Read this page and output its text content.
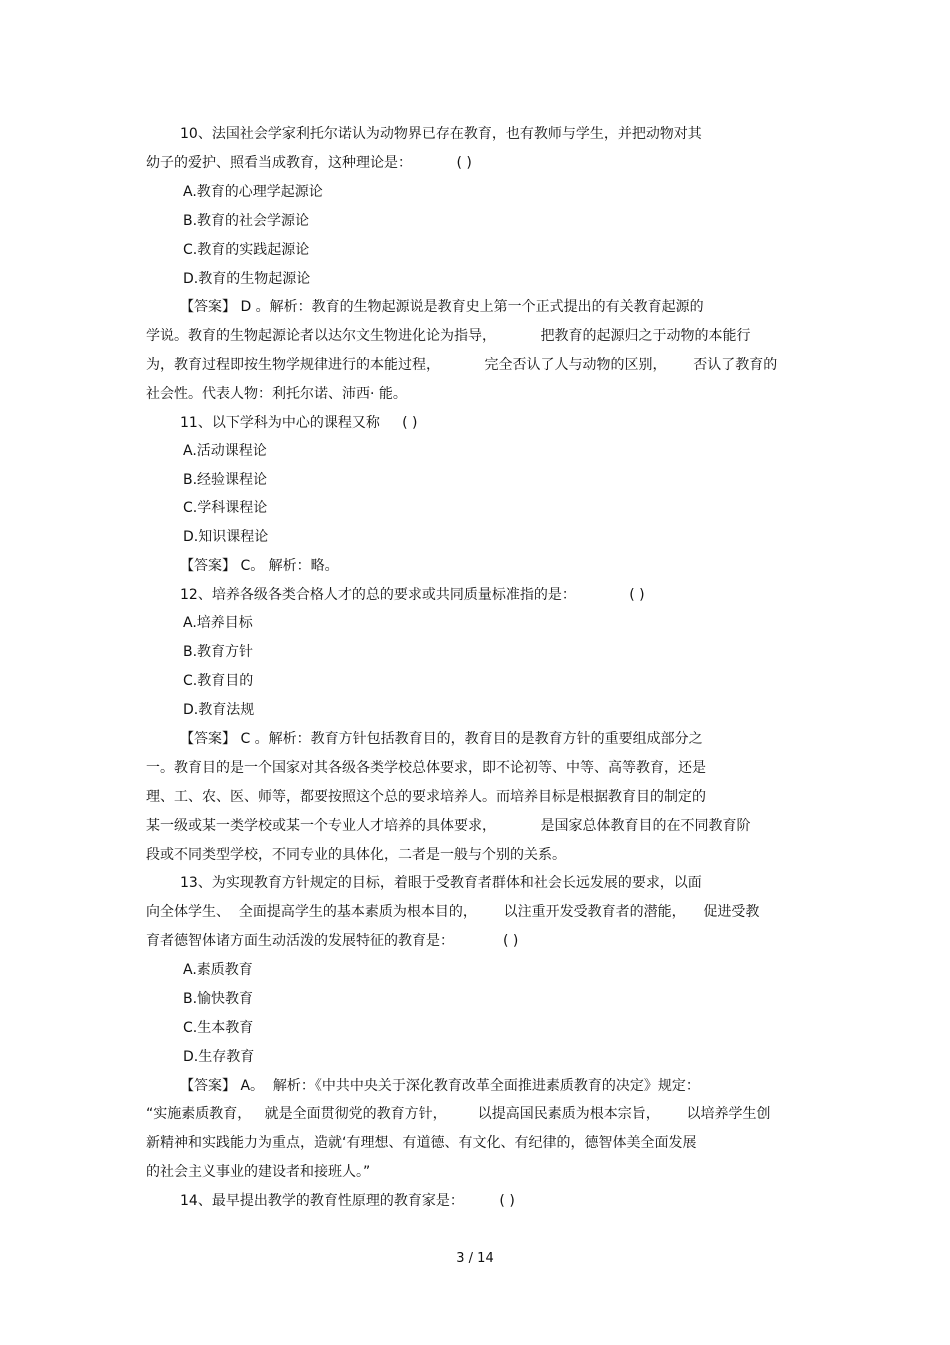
10、法国社会学家利托尔诺认为动物界已存在教育，也有教师与学生，并把动物对其
幼子的爱护、照看当成教育，这种理论是：          ( )
A.教育的心理学起源论
B.教育的社会学源论
C.教育的实践起源论
D.教育的生物起源论
【答案】 D 。解析：教育的生物起源说是教育史上第一个正式提出的有关教育起源的
学说。教育的生物起源论者以达尔文生物进化论为指导，          把教育的起源归之于动物的本能行
为，教育过程即按生物学规律进行的本能过程，          完全否认了人与动物的区别，      否认了教育的
社会性。代表人物：利托尔诺、沛西· 能。
11、以下学科为中心的课程又称     ( )
A.活动课程论
B.经验课程论
C.学科课程论
D.知识课程论
【答案】 C。 解析：略。
12、培养各级各类合格人才的总的要求或共同质量标准指的是：            ( )
A.培养目标
B.教育方针
C.教育目的
D.教育法规
【答案】 C 。解析：教育方针包括教育目的，教育目的是教育方针的重要组成部分之
一。教育目的是一个国家对其各级各类学校总体要求，即不论初等、中等、高等教育，还是
理、工、农、医、师等，都要按照这个总的要求培养人。而培养目标是根据教育目的制定的
某一级或某一类学校或某一个专业人才培养的具体要求，          是国家总体教育目的在不同教育阶
段或不同类型学校，不同专业的具体化，二者是一般与个别的关系。
13、为实现教育方针规定的目标，着眼于受教育者群体和社会长远发展的要求，以面
向全体学生、  全面提高学生的基本素质为根本目的，      以注重开发受教育者的潜能，    促进受教
育者德智体诸方面生动活泼的发展特征的教育是：           ( )
A.素质教育
B.愉快教育
C.生本教育
D.生存教育
【答案】 A。  解析：《中共中央关于深化教育改革全面推进素质教育的决定》规定：
“实施素质教育，   就是全面贯彻党的教育方针，       以提高国民素质为根本宗旨，      以培养学生创
新精神和实践能力为重点，造就‘有理想、有道德、有文化、有纪律的，德智体美全面发展
的社会主义事业的建设者和接班人。”
14、最早提出教学的教育性原理的教育家是：        ( )
3 / 14
